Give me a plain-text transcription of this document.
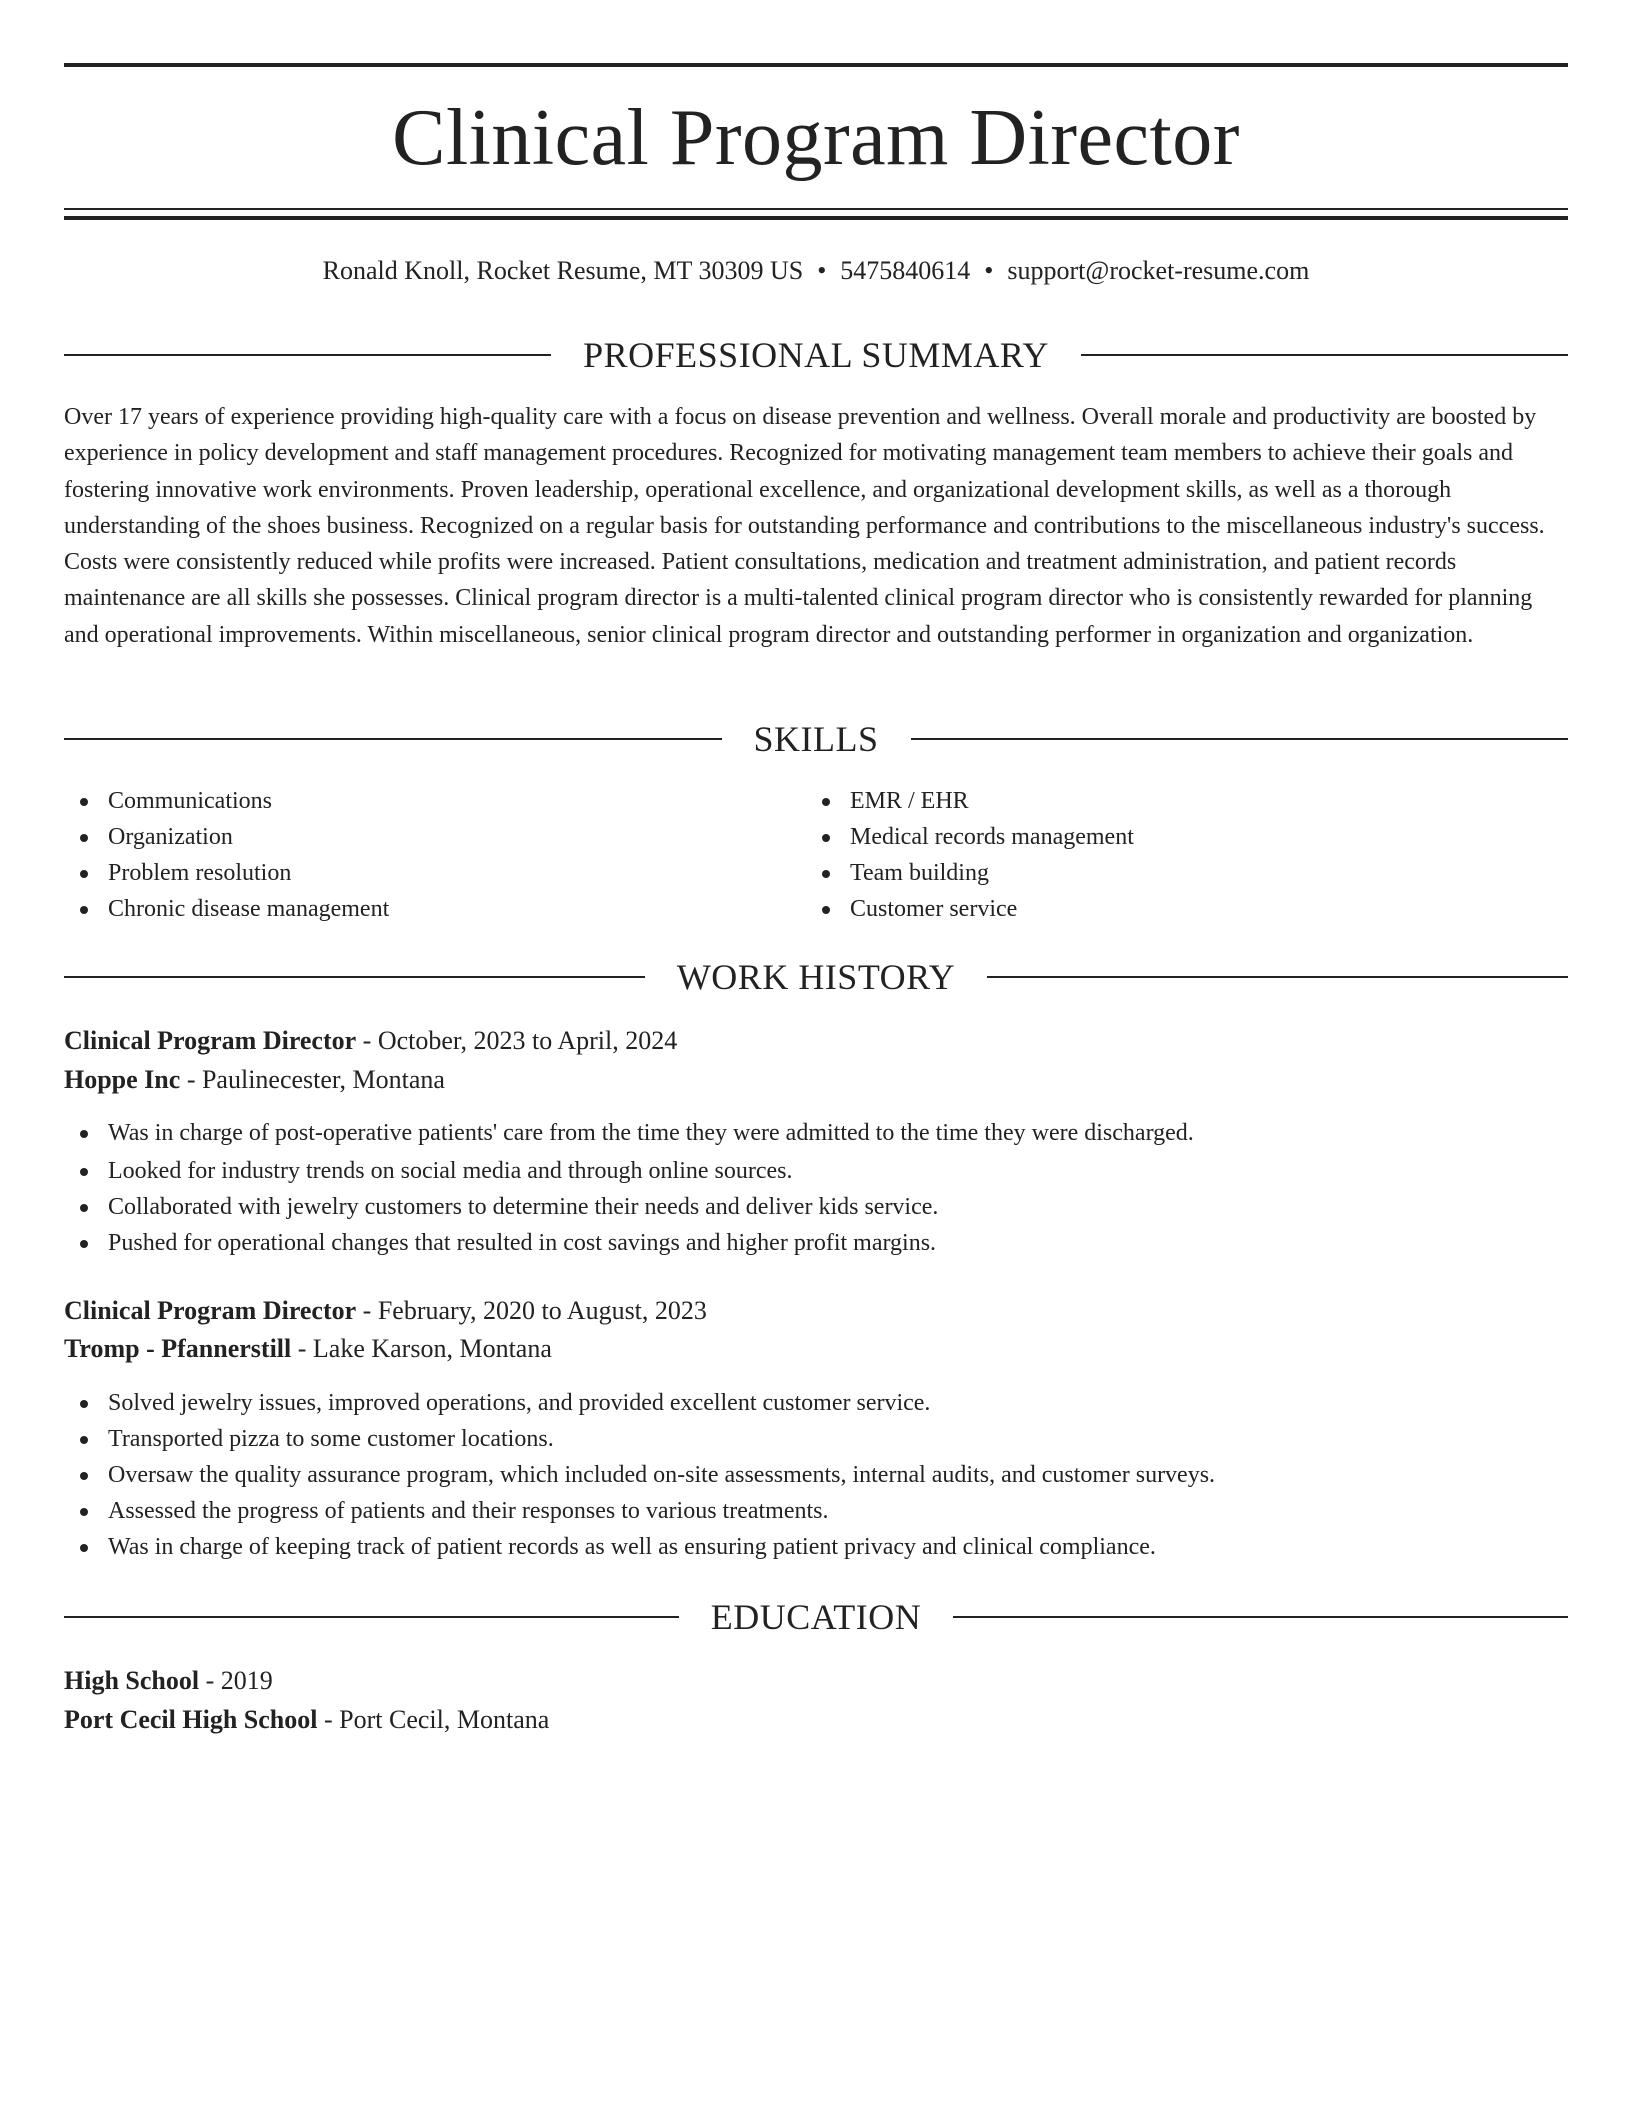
Clinical Program Director
Ronald Knoll, Rocket Resume, MT 30309 US • 5475840614 • support@rocket-resume.com
PROFESSIONAL SUMMARY

Over 17 years of experience providing high-quality care with a focus on disease prevention and wellness. Overall morale and productivity are boosted by experience in policy development and staff management procedures. Recognized for motivating management team members to achieve their goals and fostering innovative work environments. Proven leadership, operational excellence, and organizational development skills, as well as a thorough understanding of the shoes business. Recognized on a regular basis for outstanding performance and contributions to the miscellaneous industry's success. Costs were consistently reduced while profits were increased. Patient consultations, medication and treatment administration, and patient records maintenance are all skills she possesses. Clinical program director is a multi-talented clinical program director who is consistently rewarded for planning and operational improvements. Within miscellaneous, senior clinical program director and outstanding performer in organization and organization.

SKILLS
Communications
Organization
Problem resolution
Chronic disease management
EMR / EHR
Medical records management
Team building
Customer service
WORK HISTORY
Clinical Program Director - October, 2023 to April, 2024
Hoppe Inc - Paulinecester, Montana
Was in charge of post-operative patients' care from the time they were admitted to the time they were discharged.
Looked for industry trends on social media and through online sources.
Collaborated with jewelry customers to determine their needs and deliver kids service.
Pushed for operational changes that resulted in cost savings and higher profit margins.
Clinical Program Director - February, 2020 to August, 2023
Tromp - Pfannerstill - Lake Karson, Montana
Solved jewelry issues, improved operations, and provided excellent customer service.
Transported pizza to some customer locations.
Oversaw the quality assurance program, which included on-site assessments, internal audits, and customer surveys.
Assessed the progress of patients and their responses to various treatments.
Was in charge of keeping track of patient records as well as ensuring patient privacy and clinical compliance.
EDUCATION
High School - 2019
Port Cecil High School - Port Cecil, Montana
